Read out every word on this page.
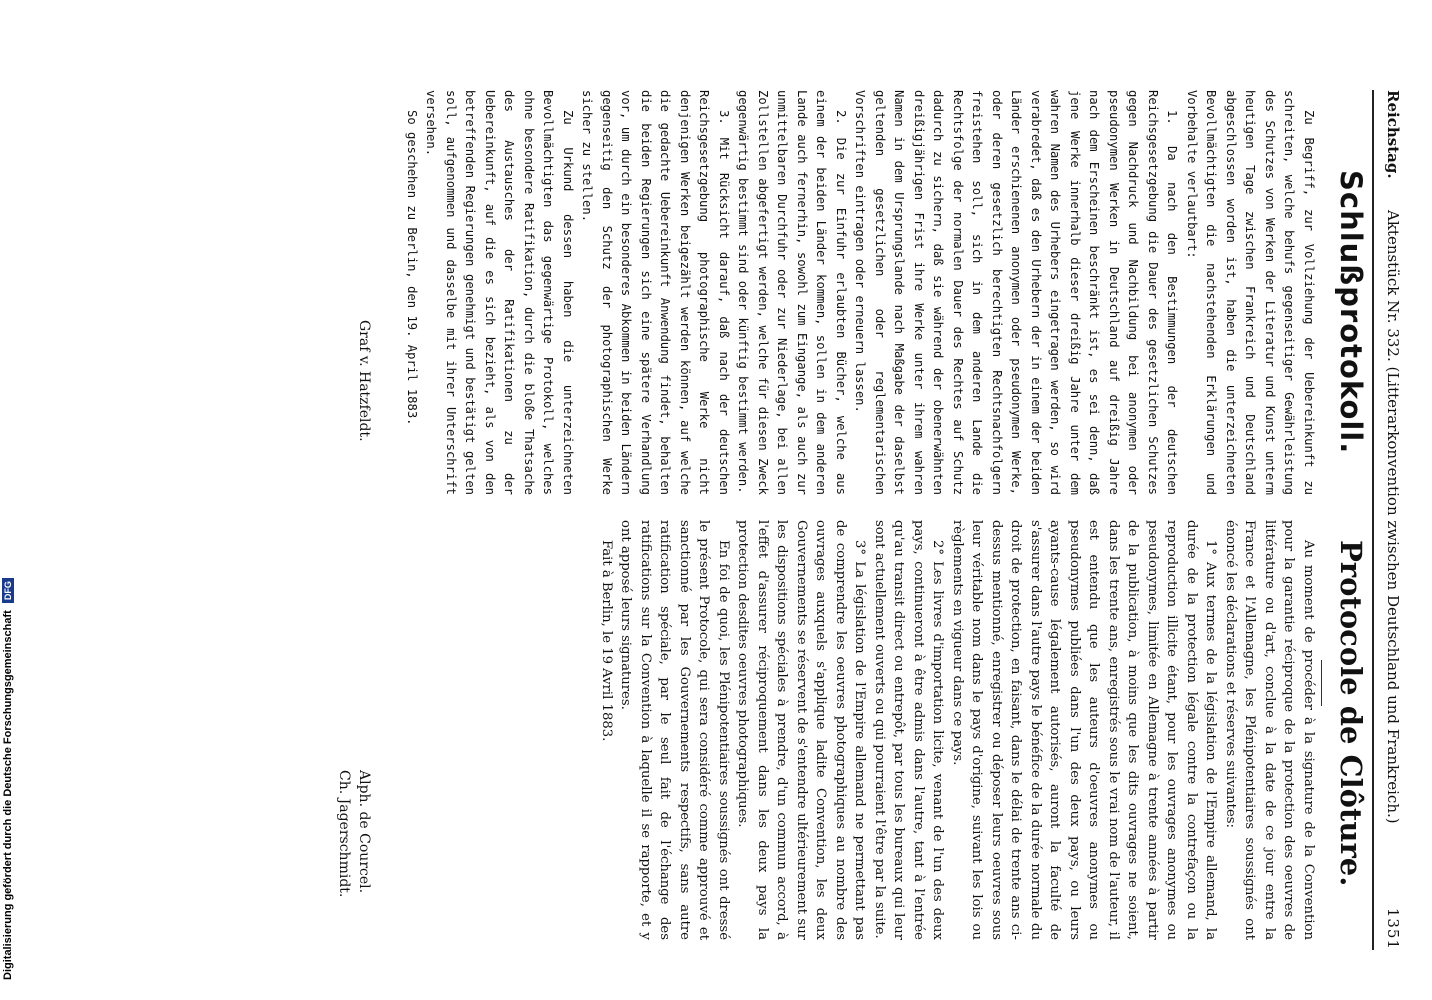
Reichstag.
Aktenstück Nr. 332. (Litterarkonvention zwischen Deutschland und Frankreich.)
1351
Schlußprotokoll.
Protocole de Clôture.

Zu Begriff, zur Vollziehung der Uebereinkunft zu schreiten, welche behufs gegenseitiger Gewährleistung des Schutzes von Werken der Literatur und Kunst unterm heutigen Tage zwischen Frankreich und Deutschland abgeschlossen worden ist, haben die unterzeichneten Bevollmächtigten die nachstehenden Erklärungen und Vorbehalte verlautbart:

1. Da nach den Bestimmungen der deutschen Reichsgesetzgebung die Dauer des gesetzlichen Schutzes gegen Nachdruck und Nachbildung bei anonymen oder pseudonymen Werken in Deutschland auf dreißig Jahre nach dem Erscheinen beschränkt ist, es sei denn, daß jene Werke innerhalb dieser dreißig Jahre unter dem wahren Namen des Urhebers eingetragen werden, so wird verabredet, daß es den Urhebern der in einem der beiden Länder erschienenen anonymen oder pseudonymen Werke, oder deren gesetzlich berechtigten Rechtsnachfolgern freistehen soll, sich in dem anderen Lande die Rechtsfolge der normalen Dauer des Rechtes auf Schutz dadurch zu sichern, daß sie während der obenerwähnten dreißigjährigen Frist ihre Werke unter ihrem wahren Namen in dem Ursprungslande nach Maßgabe der daselbst geltenden gesetzlichen oder reglementarischen Vorschriften eintragen oder erneuern lassen.

2. Die zur Einfuhr erlaubten Bücher, welche aus einem der beiden Länder kommen, sollen in dem anderen Lande auch fernerhin, sowohl zum Eingange, als auch zur unmittelbaren Durchfuhr oder zur Niederlage, bei allen Zollstellen abgefertigt werden, welche für diesen Zweck gegenwärtig bestimmt sind oder künftig bestimmt werden.

3. Mit Rücksicht darauf, daß nach der deutschen Reichsgesetzgebung photographische Werke nicht denjenigen Werken beigezählt werden können, auf welche die gedachte Uebereinkunft Anwendung findet, behalten die beiden Regierungen sich eine spätere Verhandlung vor, um durch ein besonderes Abkommen in beiden Ländern gegenseitig den Schutz der photographischen Werke sicher zu stellen.

Zu Urkund dessen haben die unterzeichneten Bevollmächtigten das gegenwärtige Protokoll, welches ohne besondere Ratifikation, durch die bloße Thatsache des Austausches der Ratifikationen zu der Uebereinkunft, auf die es sich bezieht, als von den betreffenden Regierungen genehmigt und bestätigt gelten soll, aufgenommen und dasselbe mit ihrer Unterschrift versehen.

So geschehen zu Berlin, den 19. April 1883.

Au moment de procéder à la signature de la Convention pour la garantie réciproque de la protection des oeuvres de littérature ou d'art, conclue à la date de ce jour entre la France et l'Allemagne, les Plénipotentiaires soussignés ont énoncé les déclarations et réserves suivantes:

1° Aux termes de la législation de l'Empire allemand, la durée de la protection légale contre la contrefaçon ou la reproduction illicite étant, pour les ouvrages anonymes ou pseudonymes, limitée en Allemagne à trente années à partir de la publication, à moins que les dits ouvrages ne soient, dans les trente ans, enregistrés sous le vrai nom de l'auteur, il est entendu que les auteurs d'oeuvres anonymes ou pseudonymes publiées dans l'un des deux pays, ou leurs ayants-cause légalement autorisés, auront la faculté de s'assurer dans l'autre pays le bénéfice de la durée normale du droit de protection, en faisant, dans le délai de trente ans ci-dessus mentionné, enregistrer ou déposer leurs oeuvres sous leur véritable nom dans le pays d'origine, suivant les lois ou règlements en vigueur dans ce pays.

2° Les livres d'importation licite, venant de l'un des deux pays, continueront à être admis dans l'autre, tant à l'entrée qu'au transit direct ou entrepôt, par tous les bureaux qui leur sont actuellement ouverts ou qui pourraient l'être par la suite.

3° La législation de l'Empire allemand ne permettant pas de comprendre les oeuvres photographiques au nombre des ouvrages auxquels s'applique ladite Convention, les deux Gouvernements se réservent de s'entendre ultérieurement sur les dispositions spéciales à prendre, d'un commun accord, à l'effet d'assurer réciproquement dans les deux pays la protection desdites oeuvres photographiques.

En foi de quoi, les Plénipotentiaires soussignés ont dressé le présent Protocole, qui sera considéré comme approuvé et sanctionné par les Gouvernements respectifs, sans autre ratification spéciale, par le seul fait de l'échange des ratifications sur la Convention à laquelle il se rapporte, et y ont apposé leurs signatures.

Fait à Berlin, le 19 Avril 1883.

Graf v. Hatzfeldt.
Alph. de Courcel.
Ch. Jagerschmidt.
Digitalisierung gefördert durch die Deutsche Forschungsgemeinschaft DFG
